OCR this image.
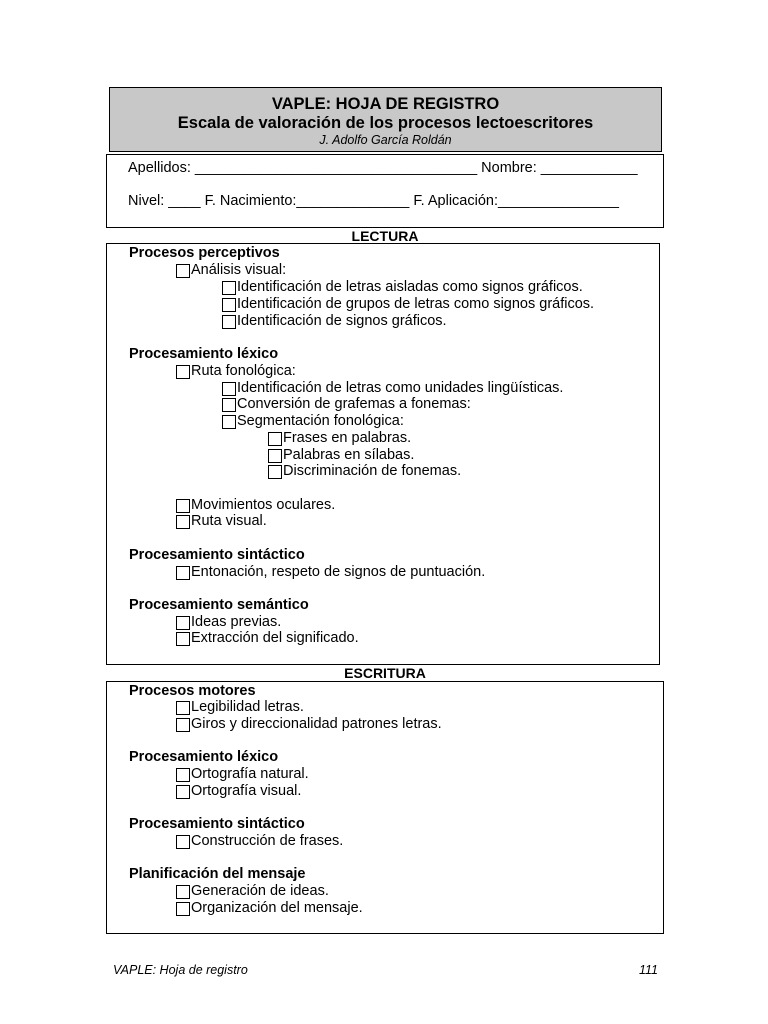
VAPLE: HOJA DE REGISTRO
Escala de valoración de los procesos lectoescritores
J. Adolfo García Roldán
Apellidos: ___________________________________ Nombre: ____________
Nivel: ____ F. Nacimiento:______________ F. Aplicación:_______________
LECTURA
Procesos perceptivos
Análisis visual:
Identificación de letras aisladas como signos gráficos.
Identificación de grupos de letras como signos gráficos.
Identificación de signos gráficos.
Procesamiento léxico
Ruta fonológica:
Identificación de letras como unidades lingüísticas.
Conversión de grafemas a fonemas:
Segmentación fonológica:
Frases en palabras.
Palabras en sílabas.
Discriminación de fonemas.
Movimientos oculares.
Ruta visual.
Procesamiento sintáctico
Entonación, respeto de signos de puntuación.
Procesamiento semántico
Ideas previas.
Extracción del significado.
ESCRITURA
Procesos motores
Legibilidad letras.
Giros y direccionalidad patrones letras.
Procesamiento léxico
Ortografía natural.
Ortografía visual.
Procesamiento sintáctico
Construcción de frases.
Planificación del mensaje
Generación de ideas.
Organización del mensaje.
VAPLE: Hoja de registro	111
